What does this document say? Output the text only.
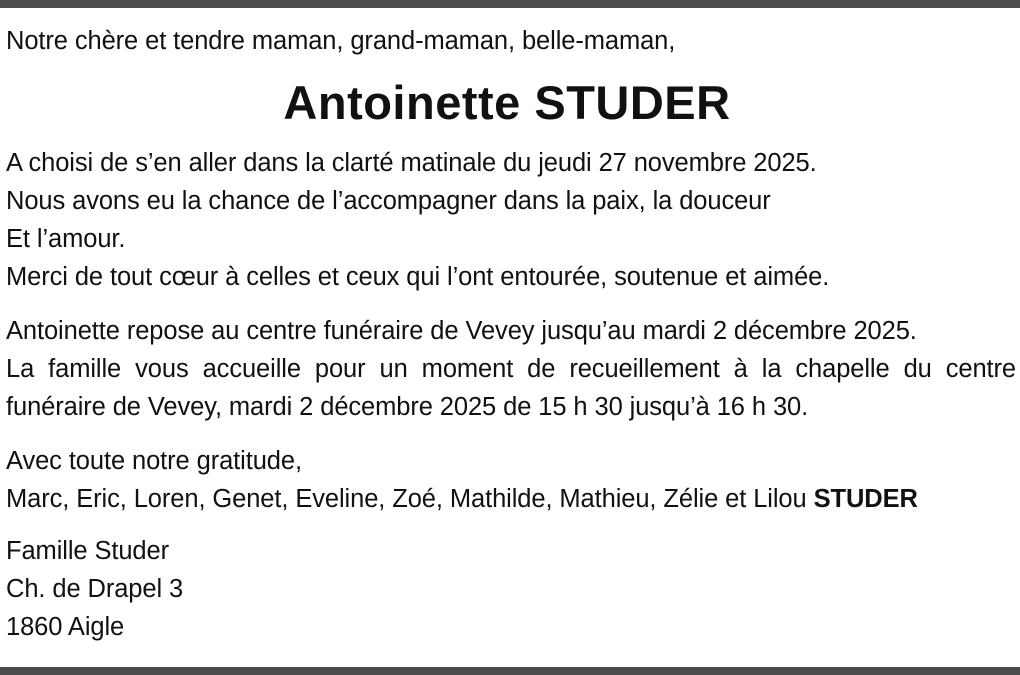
Notre chère et tendre maman, grand-maman, belle-maman,
Antoinette STUDER
A choisi de s’en aller dans la clarté matinale du jeudi 27 novembre 2025.
Nous avons eu la chance de l’accompagner dans la paix, la douceur
Et l’amour.
Merci de tout cœur à celles et ceux qui l’ont entourée, soutenue et aimée.
Antoinette repose au centre funéraire de Vevey jusqu’au mardi 2 décembre 2025.
La famille vous accueille pour un moment de recueillement à la chapelle du centre funéraire de Vevey, mardi 2 décembre 2025 de 15 h 30 jusqu’à 16 h 30.
Avec toute notre gratitude,
Marc, Eric, Loren, Genet, Eveline, Zoé, Mathilde, Mathieu, Zélie et Lilou STUDER
Famille Studer
Ch. de Drapel 3
1860 Aigle
